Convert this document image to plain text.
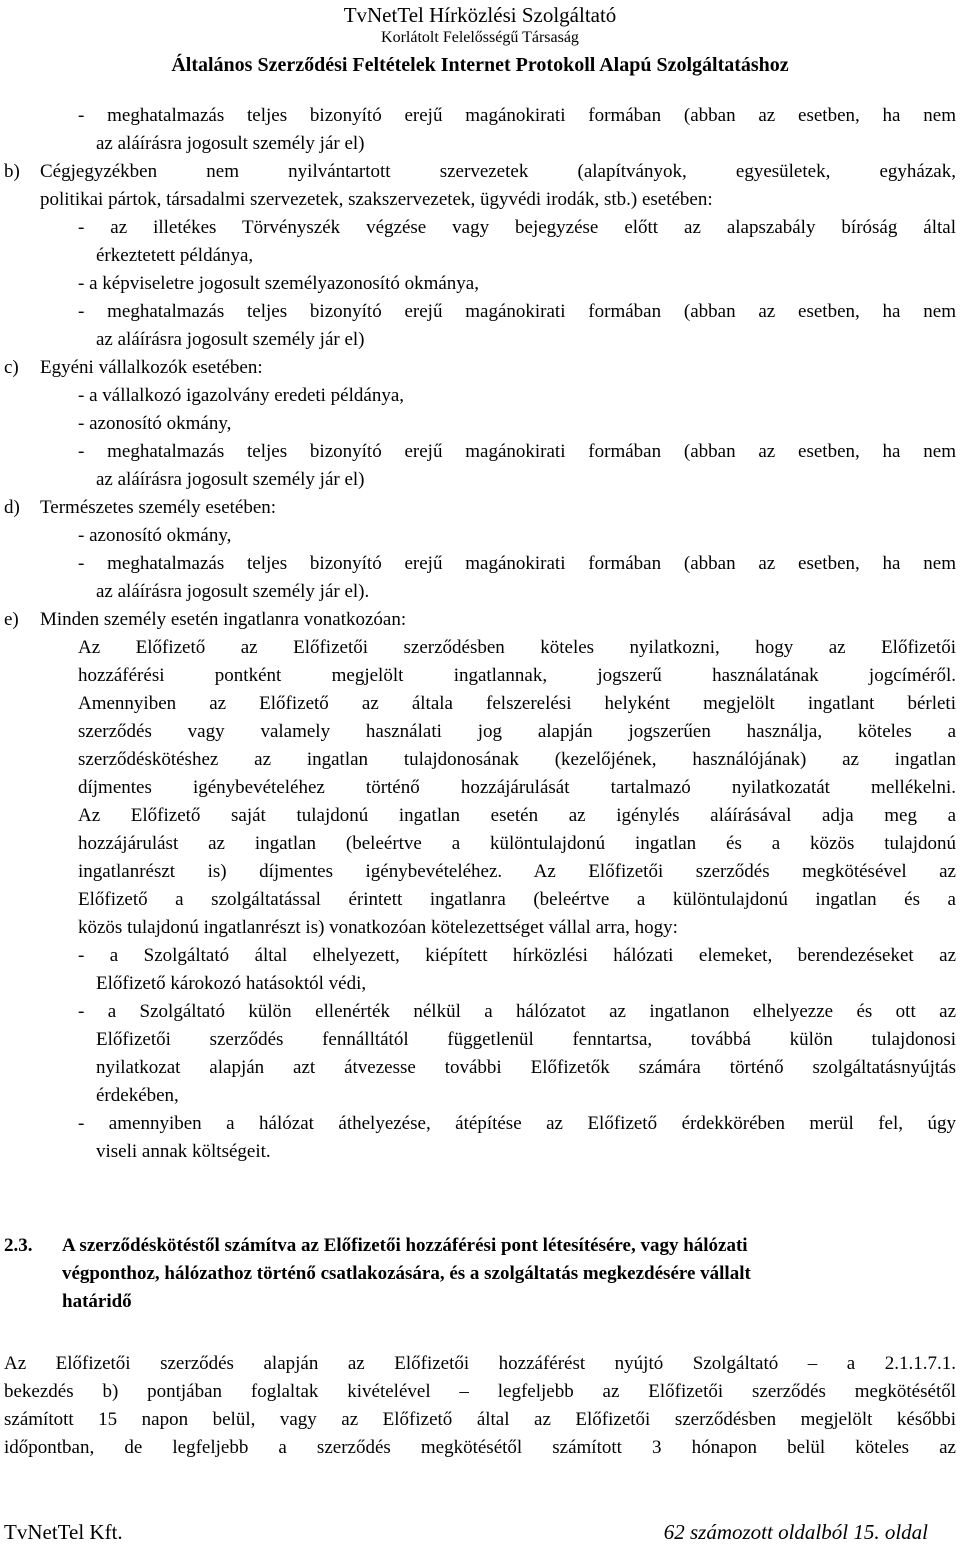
TvNetTel Hírközlési Szolgáltató

Korlátolt Felelősségű Társaság

Általános Szerződési Feltételek Internet Protokoll Alapú Szolgáltatáshoz

- meghatalmazás teljes bizonyító erejű magánokirati formában (abban az esetben, ha nem
az aláírásra jogosult személy jár el)
b)	Cégjegyzékben nem nyilvántartott szervezetek (alapítványok, egyesületek, egyházak,
politikai pártok, társadalmi szervezetek, szakszervezetek, ügyvédi irodák, stb.) esetében:
- az illetékes Törvényszék végzése vagy bejegyzése előtt az alapszabály bíróság által
érkeztetett példánya,
- a képviseletre jogosult személyazonosító okmánya,
- meghatalmazás teljes bizonyító erejű magánokirati formában (abban az esetben, ha nem
az aláírásra jogosult személy jár el)
c)	Egyéni vállalkozók esetében:
- a vállalkozó igazolvány eredeti példánya,
- azonosító okmány,
- meghatalmazás teljes bizonyító erejű magánokirati formában (abban az esetben, ha nem
az aláírásra jogosult személy jár el)
d)	Természetes személy esetében:
- azonosító okmány,
- meghatalmazás teljes bizonyító erejű magánokirati formában (abban az esetben, ha nem
az aláírásra jogosult személy jár el).
e)	Minden személy esetén ingatlanra vonatkozóan:
Az Előfizető az Előfizetői szerződésben köteles nyilatkozni, hogy az Előfizetői
hozzáférési pontként megjelölt ingatlannak, jogszerű használatának jogcíméről.
Amennyiben az Előfizető az általa felszerelési helyként megjelölt ingatlant bérleti
szerződés vagy valamely használati jog alapján jogszerűen használja, köteles a
szerződéskötéshez az ingatlan tulajdonosának (kezelőjének, használójának) az ingatlan
díjmentes igénybevételéhez történő hozzájárulását tartalmazó nyilatkozatát mellékelni.
Az Előfizető saját tulajdonú ingatlan esetén az igénylés aláírásával adja meg a
hozzájárulást az ingatlan (beleértve a különtulajdonú ingatlan és a közös tulajdonú
ingatlanrészt is) díjmentes igénybevételéhez. Az Előfizetői szerződés megkötésével az
Előfizető a szolgáltatással érintett ingatlanra (beleértve a különtulajdonú ingatlan és a
közös tulajdonú ingatlanrészt is) vonatkozóan kötelezettséget vállal arra, hogy:
- a Szolgáltató által elhelyezett, kiépített hírközlési hálózati elemeket, berendezéseket az
Előfizető károkozó hatásoktól védi,
- a Szolgáltató külön ellenérték nélkül a hálózatot az ingatlanon elhelyezze és ott az
Előfizetői szerződés fennálltától függetlenül fenntartsa, továbbá külön tulajdonosi
nyilatkozat alapján azt átvezesse további Előfizetők számára történő szolgáltatásnyújtás
érdekében,
- amennyiben a hálózat áthelyezése, átépítése az Előfizető érdekkörében merül fel, úgy
viseli annak költségeit.
2.3.	A szerződéskötéstől számítva az Előfizetői hozzáférési pont létesítésére, vagy hálózati
végponthoz, hálózathoz történő csatlakozására, és a szolgáltatás megkezdésére vállalt
határidő
Az Előfizetői szerződés alapján az Előfizetői hozzáférést nyújtó Szolgáltató – a 2.1.1.7.1.
bekezdés b) pontjában foglaltak kivételével – legfeljebb az Előfizetői szerződés megkötésétől
számított 15 napon belül, vagy az Előfizető által az Előfizetői szerződésben megjelölt későbbi
időpontban, de legfeljebb a szerződés megkötésétől számított 3 hónapon belül köteles az
TvNetTel Kft.	62 számozott oldalból 15. oldal
